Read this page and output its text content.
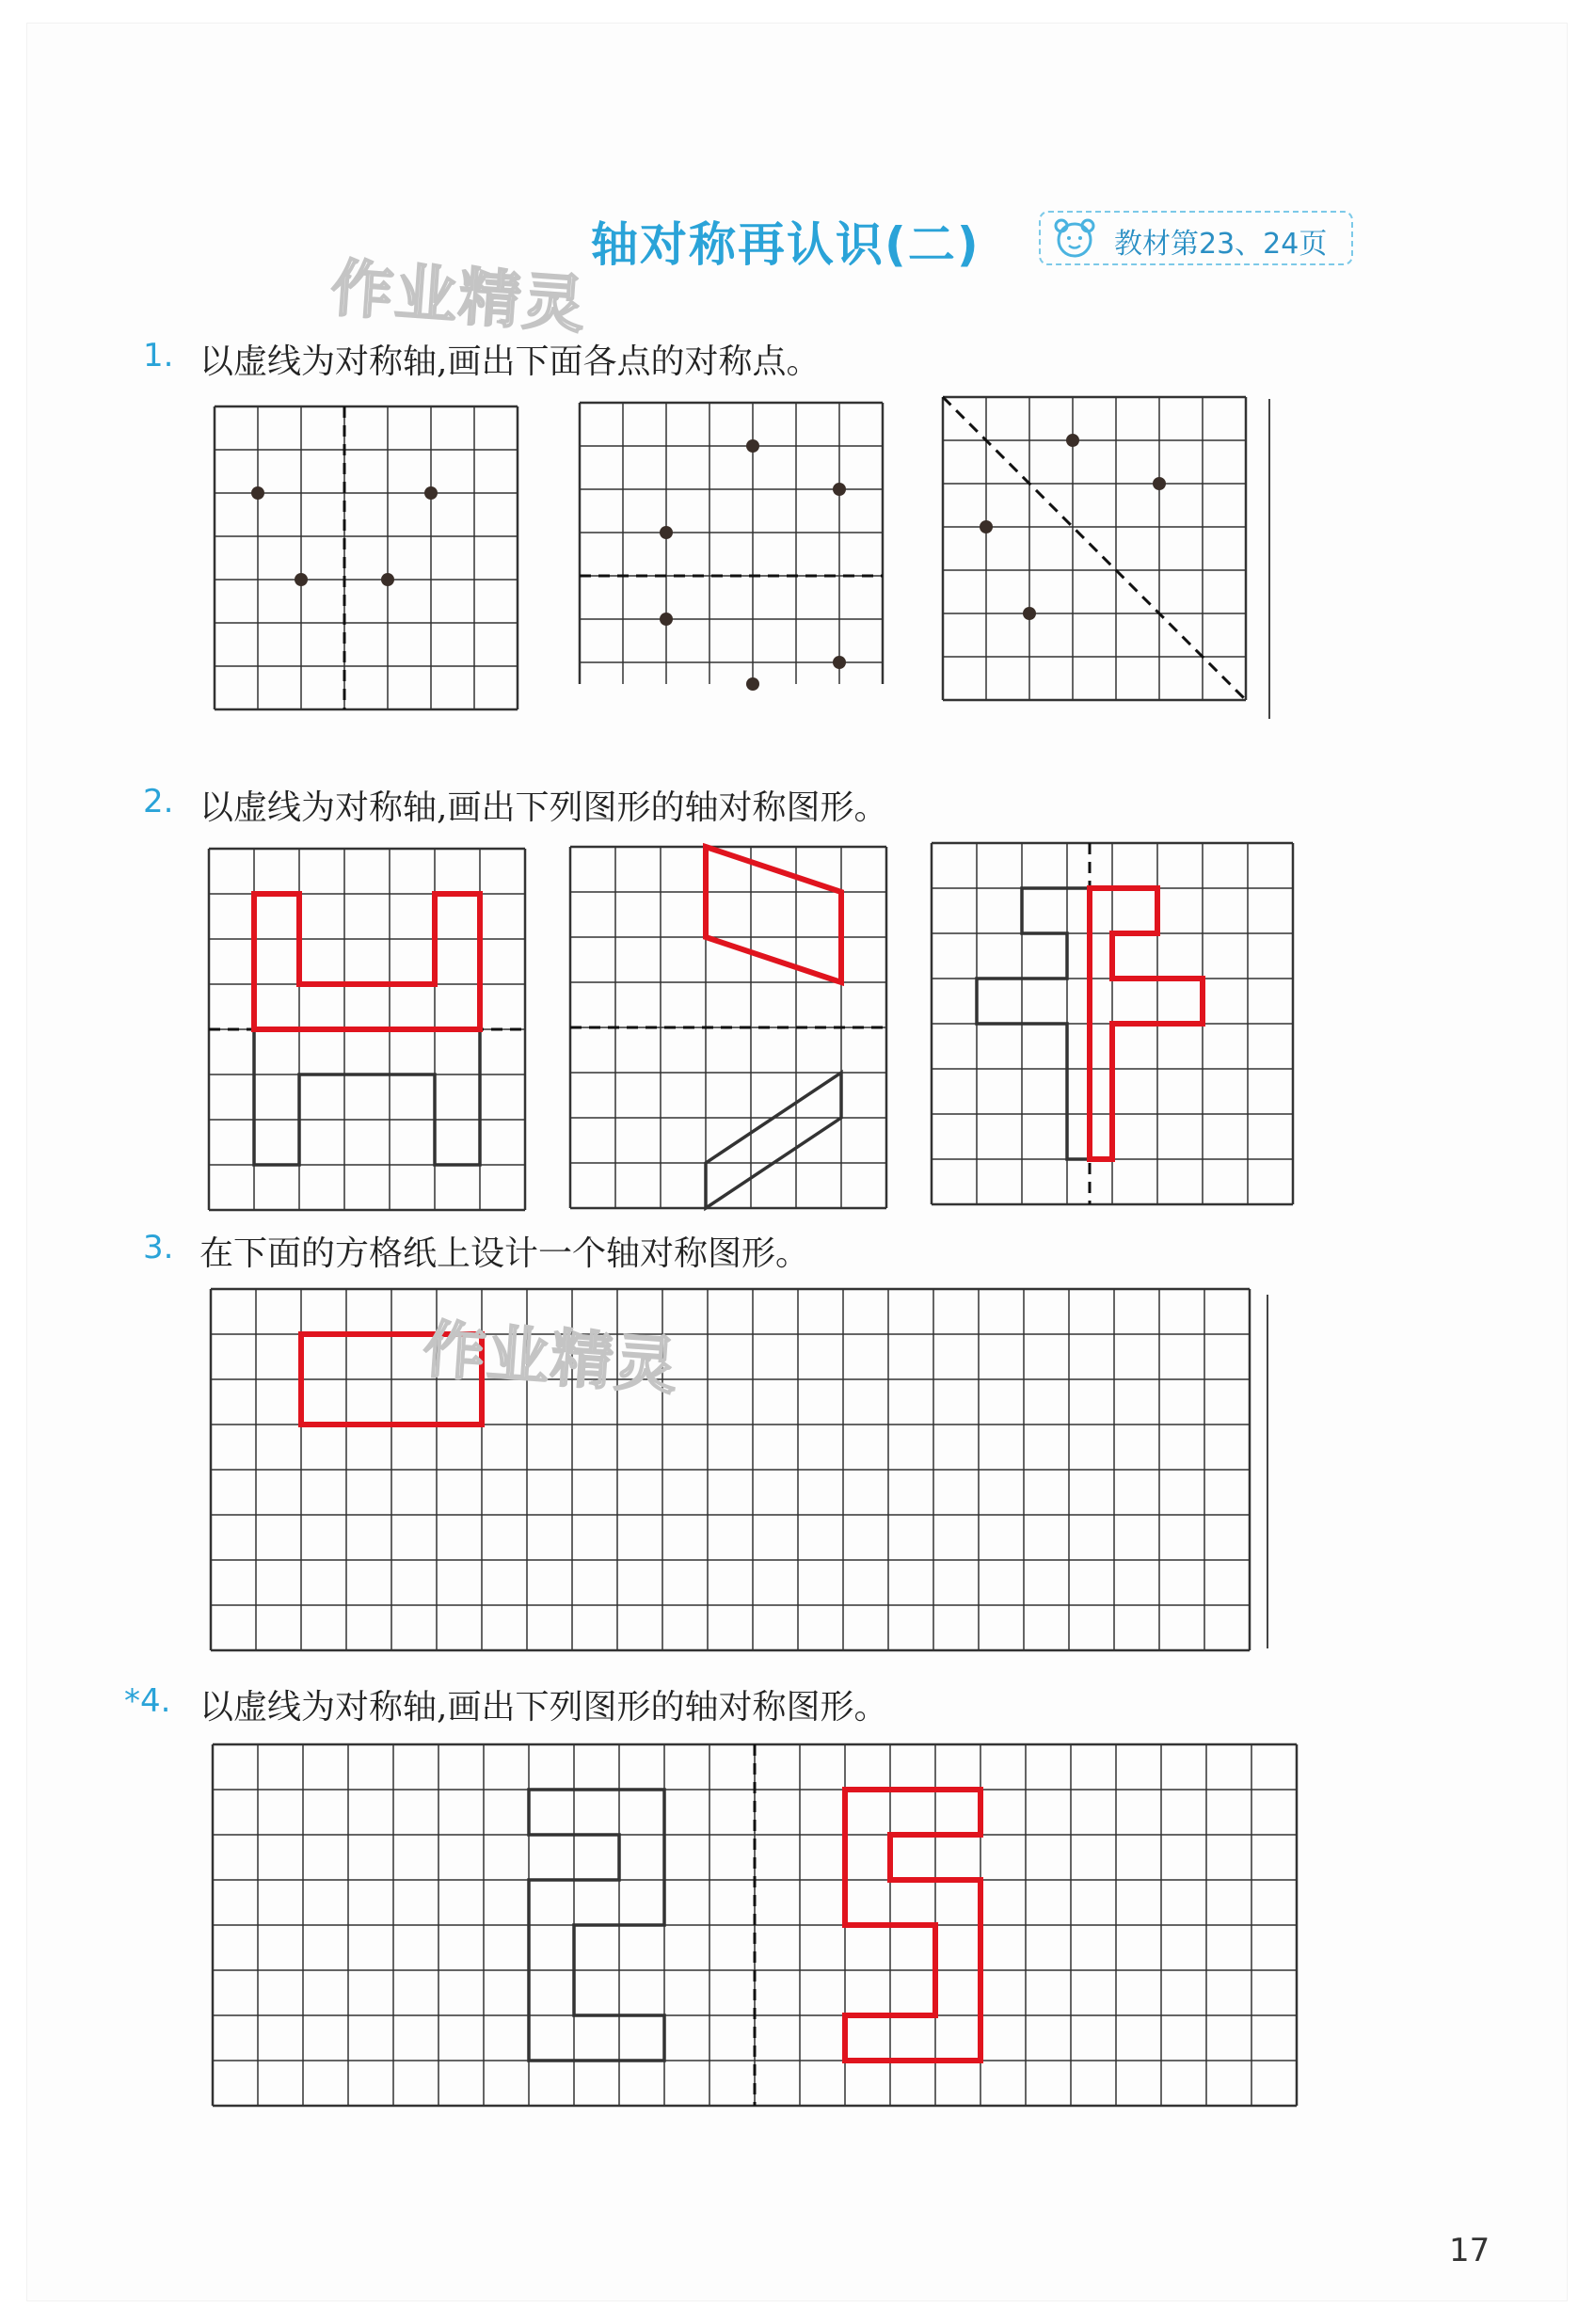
轴对称再认识(二)	教材第23、24页
作业精灵
1. 以虚线为对称轴,画出下面各点的对称点。
2. 以虚线为对称轴,画出下列图形的轴对称图形。
3. 在下面的方格纸上设计一个轴对称图形。
作业精灵
*4. 以虚线为对称轴,画出下列图形的轴对称图形。
17
